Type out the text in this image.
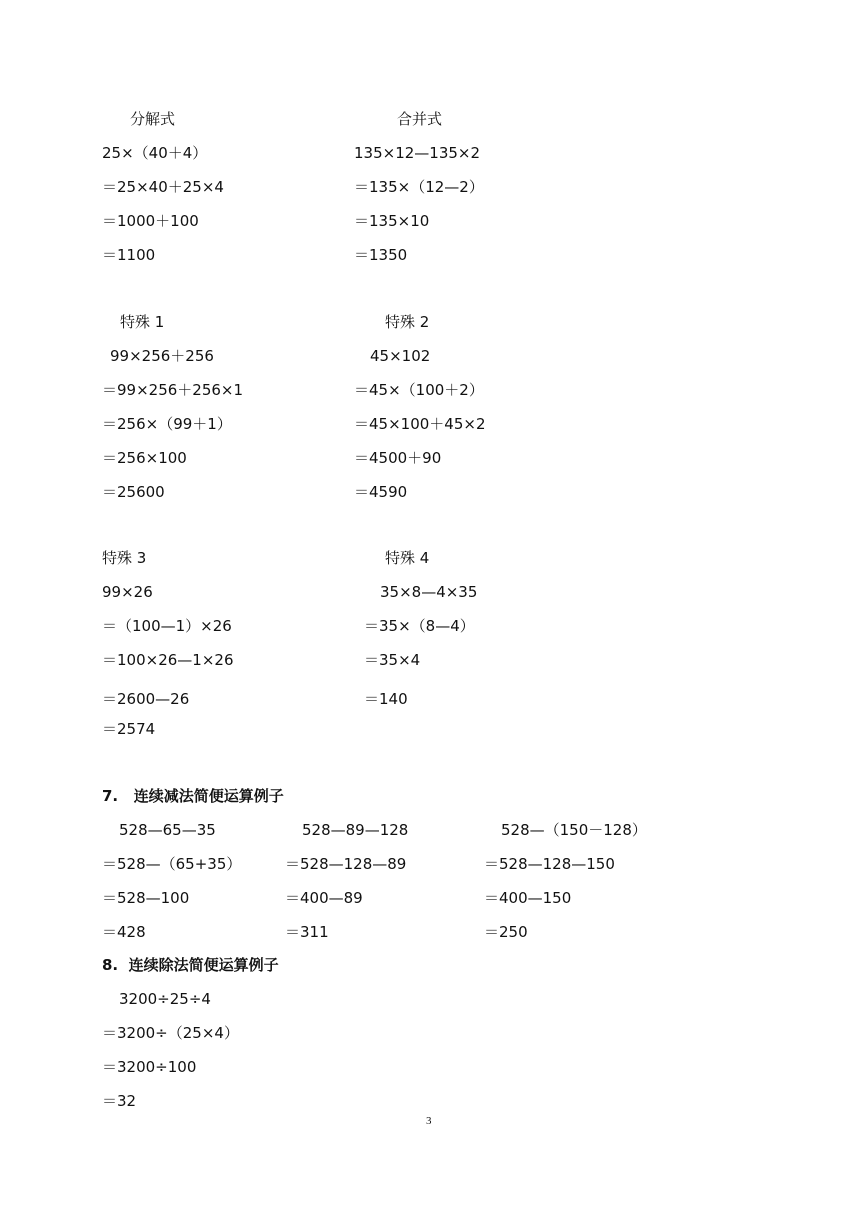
分解式
25×（40＋4）
＝25×40＋25×4
＝1000＋100
＝1100
合并式
135×12—135×2
＝135×（12—2）
＝135×10
＝1350
特殊 1
99×256＋256
＝99×256＋256×1
＝256×（99＋1）
＝256×100
＝25600
特殊 2
45×102
＝45×（100＋2）
＝45×100＋45×2
＝4500＋90
＝4590
特殊 3
99×26
＝（100—1）×26
＝100×26—1×26
＝2600—26
＝2574
特殊 4
35×8—4×35
＝35×（8—4）
＝35×4
＝140
7.   连续减法简便运算例子
528—65—35
＝528—（65+35）
＝528—100
＝428
528—89—128
＝528—128—89
＝400—89
＝311
528—（150－128）
＝528—128—150
＝400—150
＝250
8.  连续除法简便运算例子
3200÷25÷4
＝3200÷（25×4）
＝3200÷100
＝32
3
